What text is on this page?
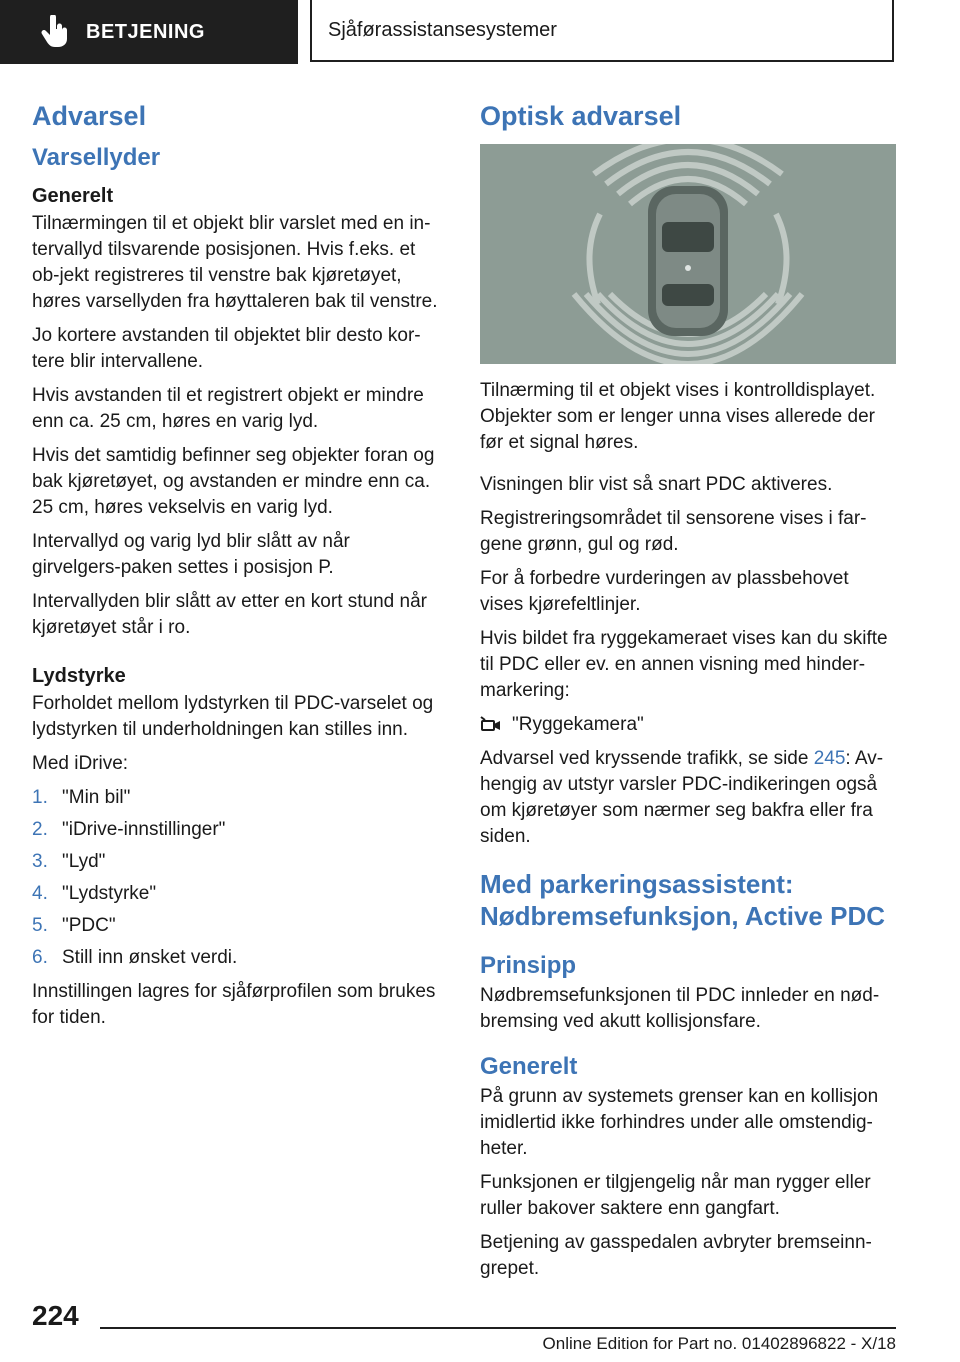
BETJENING	Sjåførassistansesystemer
Advarsel
Varsellyder
Generelt

Tilnærmingen til et objekt blir varslet med en in-tervallyd tilsvarende posisjonen. Hvis f.eks. et ob-jekt registreres til venstre bak kjøretøyet, høres varsellyden fra høyttaleren bak til venstre.

Jo kortere avstanden til objektet blir desto kor-tere blir intervallene.

Hvis avstanden til et registrert objekt er mindre enn ca. 25 cm, høres en varig lyd.

Hvis det samtidig befinner seg objekter foran og bak kjøretøyet, og avstanden er mindre enn ca. 25 cm, høres vekselvis en varig lyd.

Intervallyd og varig lyd blir slått av når girvelgers-paken settes i posisjon P.

Intervallyden blir slått av etter en kort stund når kjøretøyet står i ro.

Lydstyrke

Forholdet mellom lydstyrken til PDC-varselet og lydstyrken til underholdningen kan stilles inn.

Med iDrive:

1. "Min bil"
2. "iDrive-innstillinger"
3. "Lyd"
4. "Lydstyrke"
5. "PDC"
6. Still inn ønsket verdi.

Innstillingen lagres for sjåførprofilen som brukes for tiden.

Optisk advarsel

Tilnærming til et objekt vises i kontrolldisplayet. Objekter som er lenger unna vises allerede der før et signal høres.

Visningen blir vist så snart PDC aktiveres.

Registreringsområdet til sensorene vises i far-gene grønn, gul og rød.

For å forbedre vurderingen av plassbehovet vises kjørefeltlinjer.

Hvis bildet fra ryggekameraet vises kan du skifte til PDC eller ev. en annen visning med hinder-markering:

"Ryggekamera"

Advarsel ved kryssende trafikk, se side 245: Av-hengig av utstyr varsler PDC-indikeringen også om kjøretøyer som nærmer seg bakfra eller fra siden.

Med parkeringsassistent: Nødbremsefunksjon, Active PDC
Prinsipp

Nødbremsefunksjonen til PDC innleder en nød-bremsing ved akutt kollisjonsfare.

Generelt

På grunn av systemets grenser kan en kollisjon imidlertid ikke forhindres under alle omstendig-heter.

Funksjonen er tilgjengelig når man rygger eller ruller bakover saktere enn gangfart.

Betjening av gasspedalen avbryter bremseinn-grepet.

224
Online Edition for Part no. 01402896822 - X/18
